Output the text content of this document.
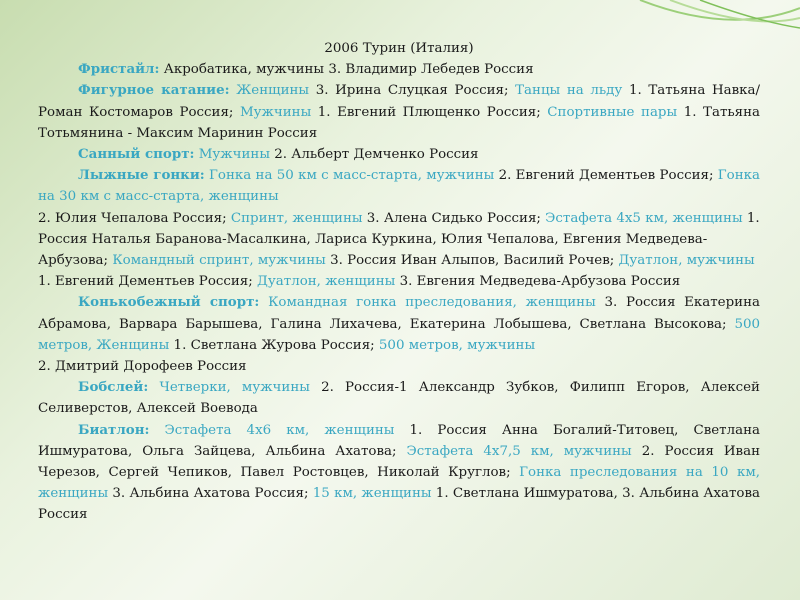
2006 Турин (Италия)

Фристайл: Акробатика, мужчины 3. Владимир Лебедев Россия

Фигурное катание: Женщины 3. Ирина Слуцкая Россия; Танцы на льду 1. Татьяна Навка/ Роман Костомаров Россия; Мужчины 1. Евгений Плющенко Россия; Спортивные пары 1. Татьяна Тотьмянина - Максим Маринин Россия

Санный спорт: Мужчины 2. Альберт Демченко Россия

Лыжные гонки: Гонка на 50 км с масс-старта, мужчины 2. Евгений Дементьев Россия; Гонка на 30 км с масс-старта, женщины

2. Юлия Чепалова Россия; Спринт, женщины 3. Алена Сидько Россия; Эстафета 4х5 км, женщины 1. Россия Наталья Баранова-Масалкина, Лариса Куркина, Юлия Чепалова, Евгения Медведева-Арбузова; Командный спринт, мужчины 3. Россия Иван Алыпов, Василий Рочев; Дуатлон, мужчины 1. Евгений Дементьев Россия; Дуатлон, женщины 3. Евгения Медведева-Арбузова Россия

Конькобежный спорт: Командная гонка преследования, женщины 3. Россия Екатерина Абрамова, Варвара Барышева, Галина Лихачева, Екатерина Лобышева, Светлана Высокова; 500 метров, Женщины 1. Светлана Журова Россия; 500 метров, мужчины

2. Дмитрий Дорофеев Россия

Бобслей: Четверки, мужчины 2. Россия-1 Александр Зубков, Филипп Егоров, Алексей Селиверстов, Алексей Воевода

Биатлон: Эстафета 4х6 км, женщины 1. Россия Анна Богалий-Титовец, Светлана Ишмуратова, Ольга Зайцева, Альбина Ахатова; Эстафета 4х7,5 км, мужчины 2. Россия Иван Черезов, Сергей Чепиков, Павел Ростовцев, Николай Круглов; Гонка преследования на 10 км, женщины 3. Альбина Ахатова Россия; 15 км, женщины 1. Светлана Ишмуратова, 3. Альбина Ахатова Россия
